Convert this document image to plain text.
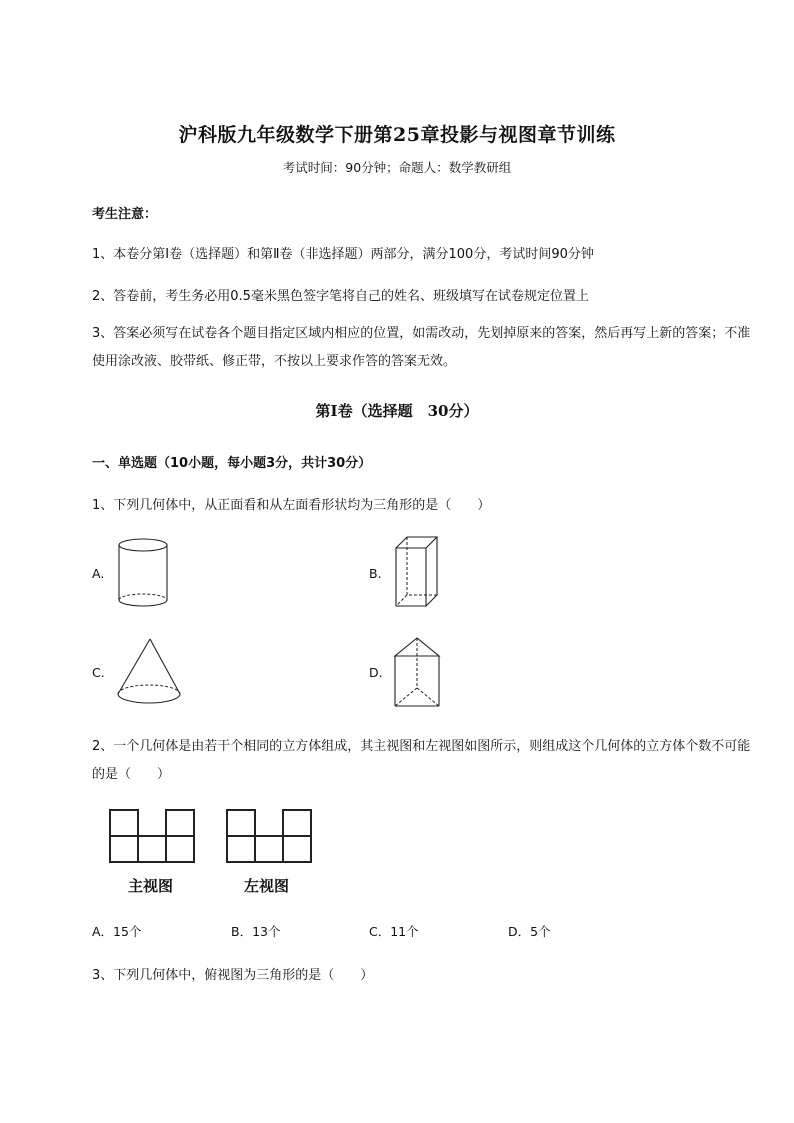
沪科版九年级数学下册第25章投影与视图章节训练
考试时间：90分钟；命题人：数学教研组
考生注意：
1、本卷分第I卷（选择题）和第Ⅱ卷（非选择题）两部分，满分100分，考试时间90分钟
2、答卷前，考生务必用0.5毫米黑色签字笔将自己的姓名、班级填写在试卷规定位置上
3、答案必须写在试卷各个题目指定区域内相应的位置，如需改动，先划掉原来的答案，然后再写上新的答案；不准使用涂改液、胶带纸、修正带，不按以上要求作答的答案无效。
第I卷（选择题　30分）
一、单选题（10小题，每小题3分，共计30分）
1、下列几何体中，从正面看和从左面看形状均为三角形的是（　　）
A.	B.
C.	D.
2、一个几何体是由若干个相同的立方体组成，其主视图和左视图如图所示，则组成这个几何体的立方体个数不可能的是（　　）
主视图	左视图
A．15个	B．13个	C．11个	D．5个
3、下列几何体中，俯视图为三角形的是（　　）
